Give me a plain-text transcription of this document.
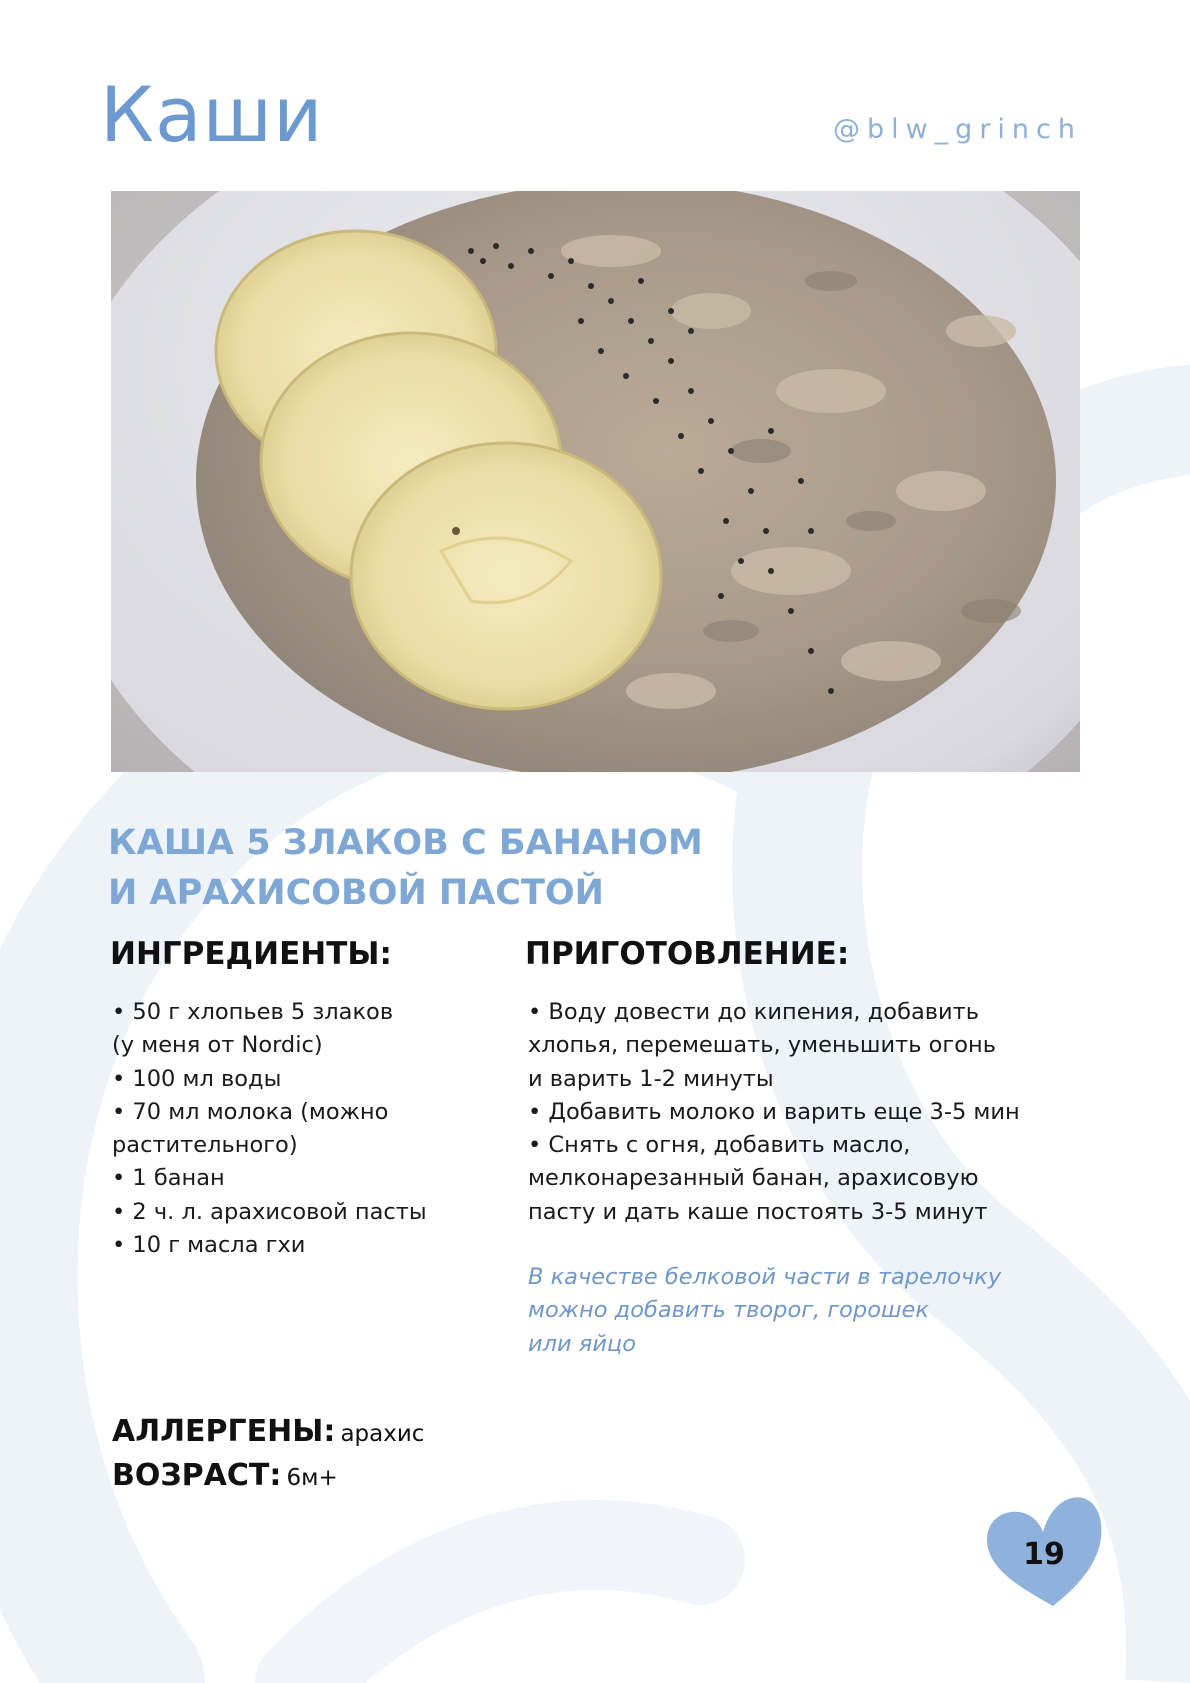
Каши	@blw_grinch
КАША 5 ЗЛАКОВ С БАНАНОМ
И АРАХИСОВОЙ ПАСТОЙ
ИНГРЕДИЕНТЫ:
• 50 г хлопьев 5 злаков
(у меня от Nordic)
• 100 мл воды
• 70 мл молока (можно
растительного)
• 1 банан
• 2 ч. л. арахисовой пасты
• 10 г масла гхи
ПРИГОТОВЛЕНИЕ:
• Воду довести до кипения, добавить
хлопья, перемешать, уменьшить огонь
и варить 1-2 минуты
• Добавить молоко и варить еще 3-5 мин
• Снять с огня, добавить масло,
мелконарезанный банан, арахисовую
пасту и дать каше постоять 3-5 минут

В качестве белковой части в тарелочку
можно добавить творог, горошек
или яйцо

АЛЛЕРГЕНЫ: арахис

ВОЗРАСТ: 6м+

19
